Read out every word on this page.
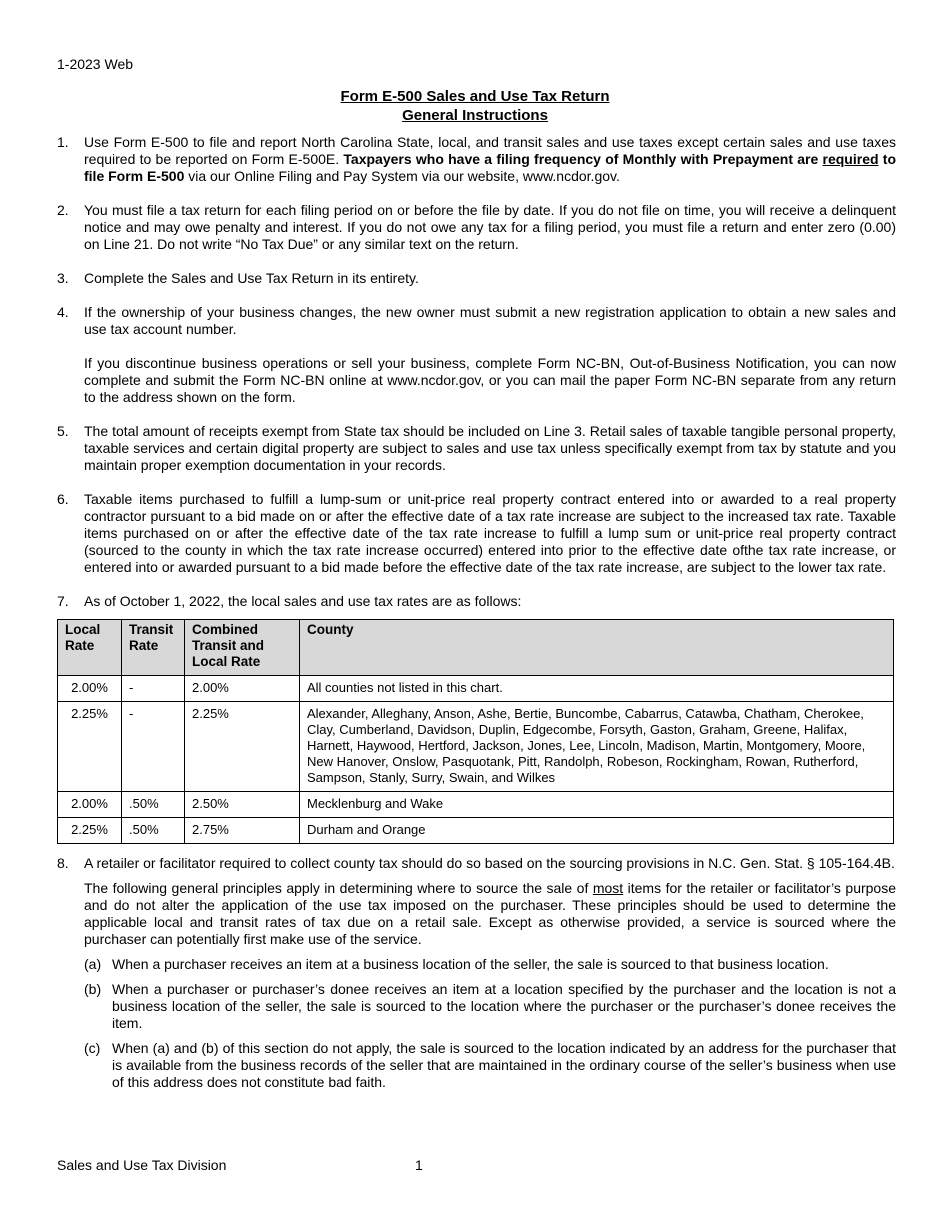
1-2023 Web
Form E-500 Sales and Use Tax Return
General Instructions
1. Use Form E-500 to file and report North Carolina State, local, and transit sales and use taxes except certain sales and use taxes required to be reported on Form E-500E. Taxpayers who have a filing frequency of Monthly with Prepayment are required to file Form E-500 via our Online Filing and Pay System via our website, www.ncdor.gov.
2. You must file a tax return for each filing period on or before the file by date. If you do not file on time, you will receive a delinquent notice and may owe penalty and interest. If you do not owe any tax for a filing period, you must file a return and enter zero (0.00) on Line 21. Do not write “No Tax Due” or any similar text on the return.
3. Complete the Sales and Use Tax Return in its entirety.
4. If the ownership of your business changes, the new owner must submit a new registration application to obtain a new sales and use tax account number.

If you discontinue business operations or sell your business, complete Form NC-BN, Out-of-Business Notification, you can now complete and submit the Form NC-BN online at www.ncdor.gov, or you can mail the paper Form NC-BN separate from any return to the address shown on the form.

5. The total amount of receipts exempt from State tax should be included on Line 3. Retail sales of taxable tangible personal property, taxable services and certain digital property are subject to sales and use tax unless specifically exempt from tax by statute and you maintain proper exemption documentation in your records.
6. Taxable items purchased to fulfill a lump-sum or unit-price real property contract entered into or awarded to a real property contractor pursuant to a bid made on or after the effective date of a tax rate increase are subject to the increased tax rate. Taxable items purchased on or after the effective date of the tax rate increase to fulfill a lump sum or unit-price real property contract (sourced to the county in which the tax rate increase occurred) entered into prior to the effective date ofthe tax rate increase, or entered into or awarded pursuant to a bid made before the effective date of the tax rate increase, are subject to the lower tax rate.
7. As of October 1, 2022, the local sales and use tax rates are as follows:
Local Rate	Transit Rate	Combined Transit and Local Rate	County
2.00%	-	2.00%	All counties not listed in this chart.
2.25%	-	2.25%	Alexander, Alleghany, Anson, Ashe, Bertie, Buncombe, Cabarrus, Catawba, Chatham, Cherokee, Clay, Cumberland, Davidson, Duplin, Edgecombe, Forsyth, Gaston, Graham, Greene, Halifax, Harnett, Haywood, Hertford, Jackson, Jones, Lee, Lincoln, Madison, Martin, Montgomery, Moore, New Hanover, Onslow, Pasquotank, Pitt, Randolph, Robeson, Rockingham, Rowan, Rutherford, Sampson, Stanly, Surry, Swain, and Wilkes
2.00%	.50%	2.50%	Mecklenburg and Wake
2.25%	.50%	2.75%	Durham and Orange
8. A retailer or facilitator required to collect county tax should do so based on the sourcing provisions in N.C. Gen. Stat. § 105-164.4B.

The following general principles apply in determining where to source the sale of most items for the retailer or facilitator’s purpose and do not alter the application of the use tax imposed on the purchaser. These principles should be used to determine the applicable local and transit rates of tax due on a retail sale. Except as otherwise provided, a service is sourced where the purchaser can potentially first make use of the service.

(a) When a purchaser receives an item at a business location of the seller, the sale is sourced to that business location.
(b) When a purchaser or purchaser’s donee receives an item at a location specified by the purchaser and the location is not a business location of the seller, the sale is sourced to the location where the purchaser or the purchaser’s donee receives the item.
(c) When (a) and (b) of this section do not apply, the sale is sourced to the location indicated by an address for the purchaser that is available from the business records of the seller that are maintained in the ordinary course of the seller’s business when use of this address does not constitute bad faith.
Sales and Use Tax Division	1
